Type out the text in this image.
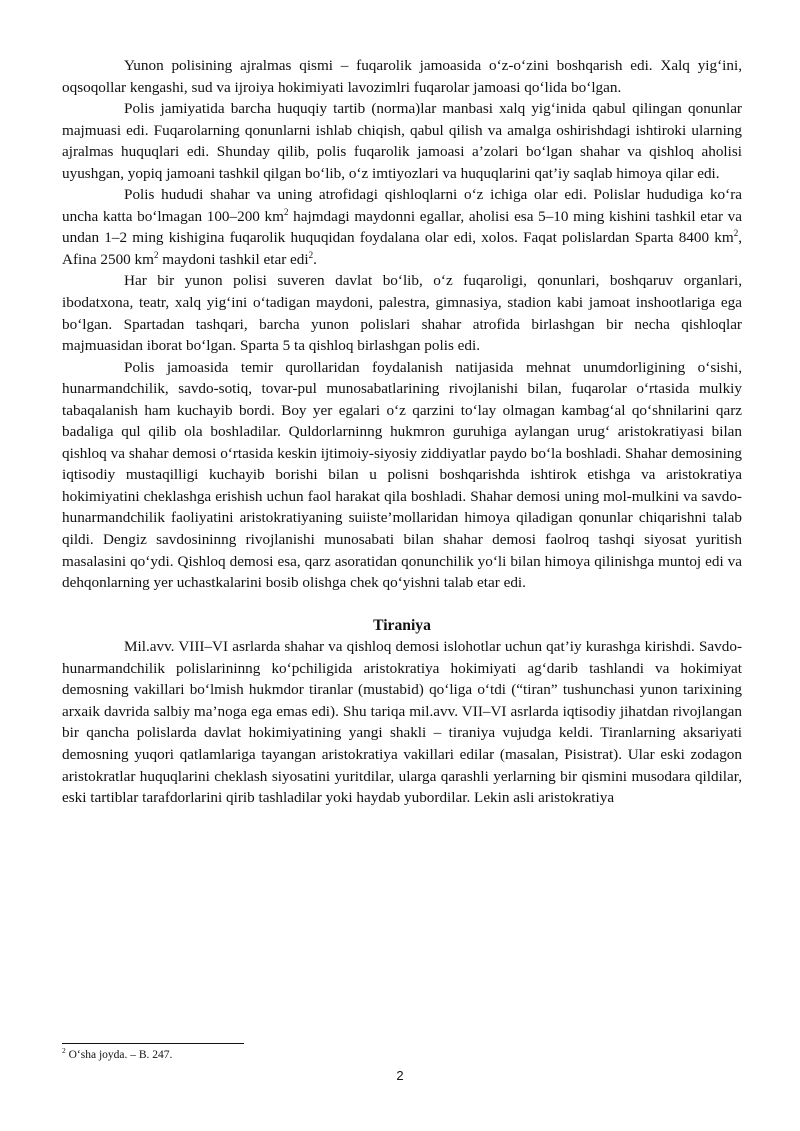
Yunon polisining ajralmas qismi – fuqarolik jamoasida o‘z-o‘zini boshqarish edi. Xalq yig‘ini, oqsoqollar kengashi, sud va ijroiya hokimiyati lavozimlri fuqarolar jamoasi qo‘lida bo‘lgan.

Polis jamiyatida barcha huquqiy tartib (norma)lar manbasi xalq yig‘inida qabul qilingan qonunlar majmuasi edi. Fuqarolarning qonunlarni ishlab chiqish, qabul qilish va amalga oshirishdagi ishtiroki ularning ajralmas huquqlari edi. Shunday qilib, polis fuqarolik jamoasi a’zolari bo‘lgan shahar va qishloq aholisi uyushgan, yopiq jamoani tashkil qilgan bo‘lib, o‘z imtiyozlari va huquqlarini qat’iy saqlab himoya qilar edi.

Polis hududi shahar va uning atrofidagi qishloqlarni o‘z ichiga olar edi. Polislar hududiga ko‘ra uncha katta bo‘lmagan 100–200 $km^2$ hajmdagi maydonni egallar, aholisi esa 5–10 ming kishini tashkil etar va undan 1–2 ming kishigina fuqarolik huquqidan foydalana olar edi, xolos. Faqat polislardan Sparta 8400 $km^2$, Afina 2500 $km^2$ maydoni tashkil etar edi$^2$.

Har bir yunon polisi suveren davlat bo‘lib, o‘z fuqaroligi, qonunlari, boshqaruv organlari, ibodatxona, teatr, xalq yig‘ini o‘tadigan maydoni, palestra, gimnasiya, stadion kabi jamoat inshootlariga ega bo‘lgan. Spartadan tashqari, barcha yunon polislari shahar atrofida birlashgan bir necha qishloqlar majmuasidan iborat bo‘lgan. Sparta 5 ta qishloq birlashgan polis edi.

Polis jamoasida temir qurollaridan foydalanish natijasida mehnat unumdorligining o‘sishi, hunarmandchilik, savdo-sotiq, tovar-pul munosabatlarining rivojlanishi bilan, fuqarolar o‘rtasida mulkiy tabaqalanish ham kuchayib bordi. Boy yer egalari o‘z qarzini to‘lay olmagan kambag‘al qo‘shnilarini qarz badaliga qul qilib ola boshladilar. Quldorlarninng hukmron guruhiga aylangan urug‘ aristokratiyasi bilan qishloq va shahar demosi o‘rtasida keskin ijtimoiy-siyosiy ziddiyatlar paydo bo‘la boshladi. Shahar demosining iqtisodiy mustaqilligi kuchayib borishi bilan u polisni boshqarishda ishtirok etishga va aristokratiya hokimiyatini cheklashga erishish uchun faol harakat qila boshladi. Shahar demosi uning mol-mulkini va savdo-hunarmandchilik faoliyatini aristokratiyaning suiiste’mollaridan himoya qiladigan qonunlar chiqarishni talab qildi. Dengiz savdosininng rivojlanishi munosabati bilan shahar demosi faolroq tashqi siyosat yuritish masalasini qo‘ydi. Qishloq demosi esa, qarz asoratidan qonunchilik yo‘li bilan himoya qilinishga muntoj edi va dehqonlarning yer uchastkalarini bosib olishga chek qo‘yishni talab etar edi.

Tiraniya

Mil.avv. VIII–VI asrlarda shahar va qishloq demosi islohotlar uchun qat’iy kurashga kirishdi. Savdo-hunarmandchilik polislarininng ko‘pchiligida aristokratiya hokimiyati ag‘darib tashlandi va hokimiyat demosning vakillari bo‘lmish hukmdor tiranlar (mustabid) qo‘liga o‘tdi (“tiran” tushunchasi yunon tarixining arxaik davrida salbiy ma’noga ega emas edi). Shu tariqa mil.avv. VII–VI asrlarda iqtisodiy jihatdan rivojlangan bir qancha polislarda davlat hokimiyatining yangi shakli – tiraniya vujudga keldi. Tiranlarning aksariyati demosning yuqori qatlamlariga tayangan aristokratiya vakillari edilar (masalan, Pisistrat). Ular eski zodagon aristokratlar huquqlarini cheklash siyosatini yuritdilar, ularga qarashli yerlarning bir qismini musodara qildilar, eski tartiblar tarafdorlarini qirib tashladilar yoki haydab yubordilar. Lekin asli aristokratiya

$^2$ O‘sha joyda. – B. 247.
2
